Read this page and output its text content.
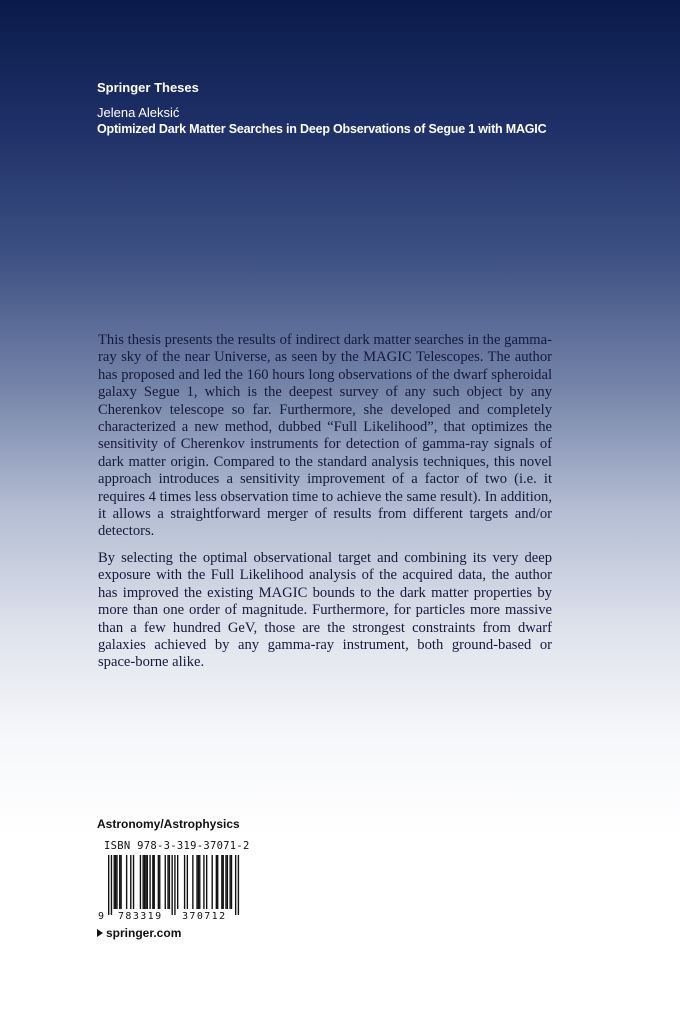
Springer Theses
Jelena Aleksić
Optimized Dark Matter Searches in Deep Observations of Segue 1 with MAGIC

This thesis presents the results of indirect dark matter searches in the gamma-ray sky of the near Universe, as seen by the MAGIC Telescopes. The author has proposed and led the 160 hours long observations of the dwarf spheroidal galaxy Segue 1, which is the deepest survey of any such object by any Cherenkov telescope so far. Furthermore, she developed and completely characterized a new method, dubbed “Full Likelihood”, that optimizes the sensitivity of Cherenkov instruments for detection of gamma-ray signals of dark matter origin. Compared to the standard analysis techniques, this novel approach introduces a sensitivity improvement of a factor of two (i.e. it requires 4 times less observation time to achieve the same result). In addition, it allows a straightforward merger of results from different targets and/or detectors.

By selecting the optimal observational target and combining its very deep exposure with the Full Likelihood analysis of the acquired data, the author has improved the existing MAGIC bounds to the dark matter properties by more than one order of magnitude. Furthermore, for particles more massive than a few hundred GeV, those are the strongest constraints from dwarf galaxies achieved by any gamma-ray instrument, both ground-based or space-borne alike.

Astronomy/Astrophysics
ISBN 978-3-319-37071-2
9 783319 370712
springer.com
